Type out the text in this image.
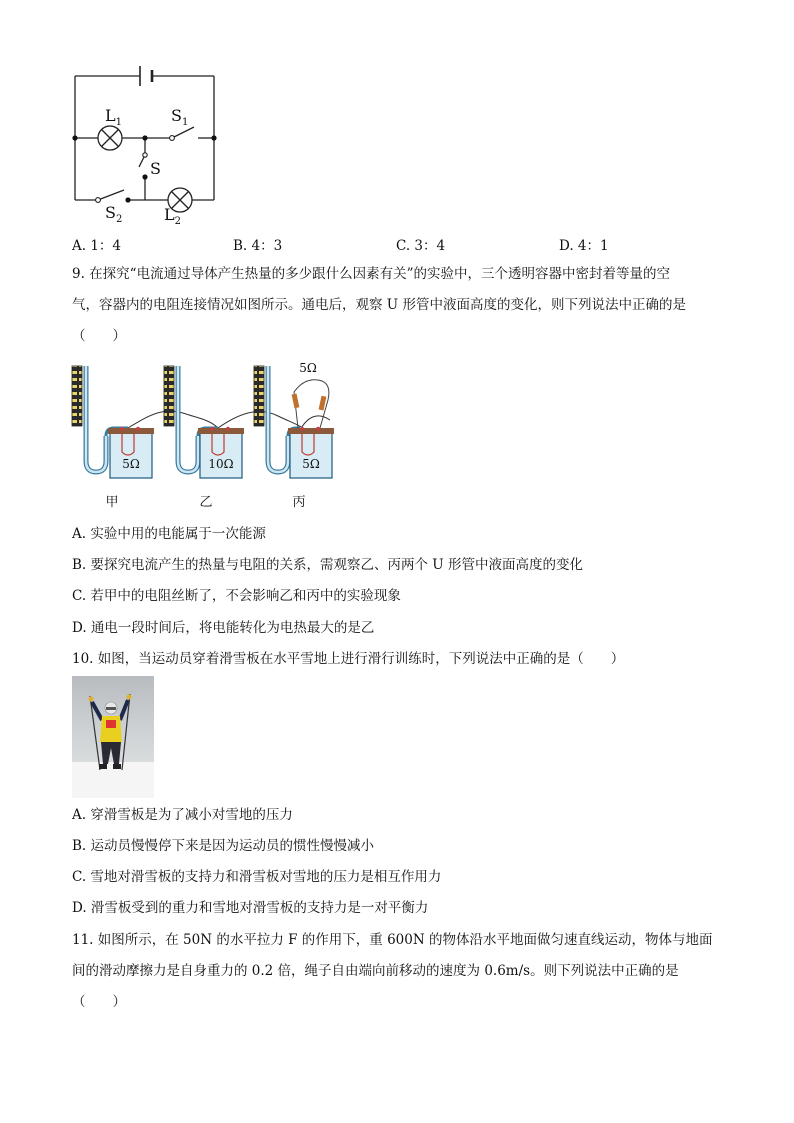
$L_1$	$S_1$
S
$S_2$	$L_2$
A. 1：4	B. 4：3	C. 3：4	D. 4：1
9. 在探究“电流通过导体产生热量的多少跟什么因素有关”的实验中，三个透明容器中密封着等量的空
气，容器内的电阻连接情况如图所示。通电后，观察 U 形管中液面高度的变化，则下列说法中正确的是
（　　）
5Ω	10Ω	5Ω
5Ω
甲	乙	丙
A. 实验中用的电能属于一次能源
B. 要探究电流产生的热量与电阻的关系，需观察乙、丙两个 U 形管中液面高度的变化
C. 若甲中的电阻丝断了，不会影响乙和丙中的实验现象
D. 通电一段时间后，将电能转化为电热最大的是乙
10. 如图，当运动员穿着滑雪板在水平雪地上进行滑行训练时，下列说法中正确的是（　　）
A. 穿滑雪板是为了减小对雪地的压力
B. 运动员慢慢停下来是因为运动员的惯性慢慢减小
C. 雪地对滑雪板的支持力和滑雪板对雪地的压力是相互作用力
D. 滑雪板受到的重力和雪地对滑雪板的支持力是一对平衡力
11. 如图所示，在 50N 的水平拉力 F 的作用下，重 600N 的物体沿水平地面做匀速直线运动，物体与地面
间的滑动摩擦力是自身重力的 0.2 倍，绳子自由端向前移动的速度为 0.6m/s。则下列说法中正确的是
（　　）
